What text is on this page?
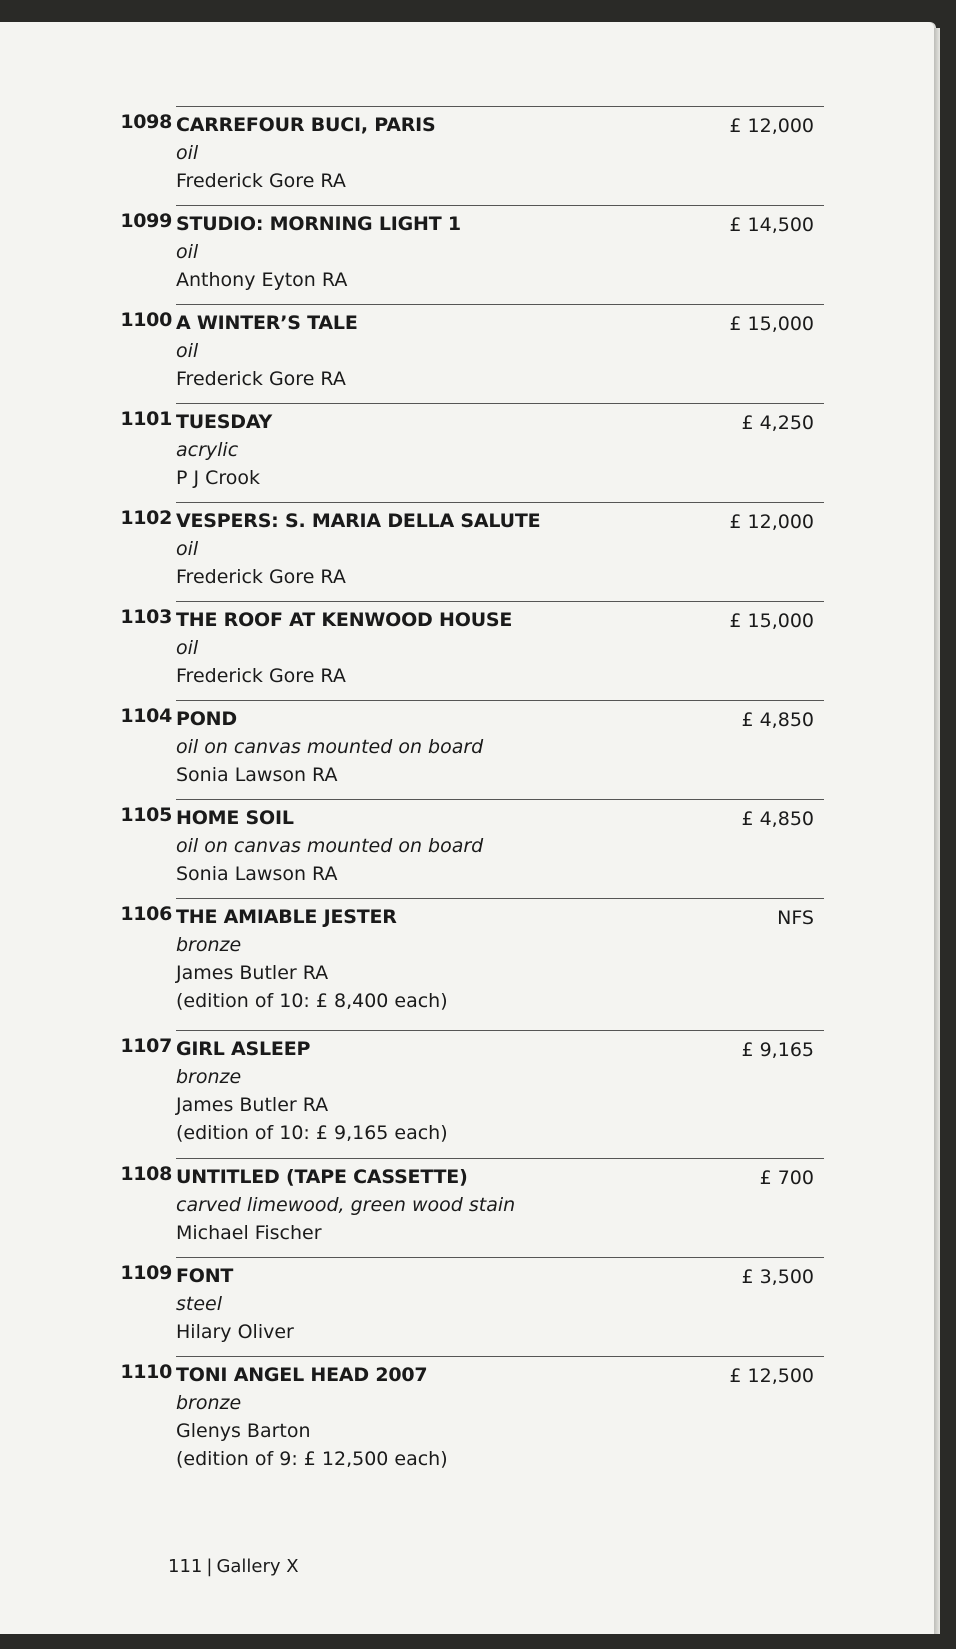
1098 CARREFOUR BUCI, PARIS
oil
Frederick Gore RA
£ 12,000
1099 STUDIO: MORNING LIGHT 1
oil
Anthony Eyton RA
£ 14,500
1100 A WINTER’S TALE
oil
Frederick Gore RA
£ 15,000
1101 TUESDAY
acrylic
P J Crook
£ 4,250
1102 VESPERS: S. MARIA DELLA SALUTE
oil
Frederick Gore RA
£ 12,000
1103 THE ROOF AT KENWOOD HOUSE
oil
Frederick Gore RA
£ 15,000
1104 POND
oil on canvas mounted on board
Sonia Lawson RA
£ 4,850
1105 HOME SOIL
oil on canvas mounted on board
Sonia Lawson RA
£ 4,850
1106 THE AMIABLE JESTER
bronze
James Butler RA
(edition of 10: £ 8,400 each)
NFS
1107 GIRL ASLEEP
bronze
James Butler RA
(edition of 10: £ 9,165 each)
£ 9,165
1108 UNTITLED (TAPE CASSETTE)
carved limewood, green wood stain
Michael Fischer
£ 700
1109 FONT
steel
Hilary Oliver
£ 3,500
1110 TONI ANGEL HEAD 2007
bronze
Glenys Barton
(edition of 9: £ 12,500 each)
£ 12,500
111 | Gallery X
